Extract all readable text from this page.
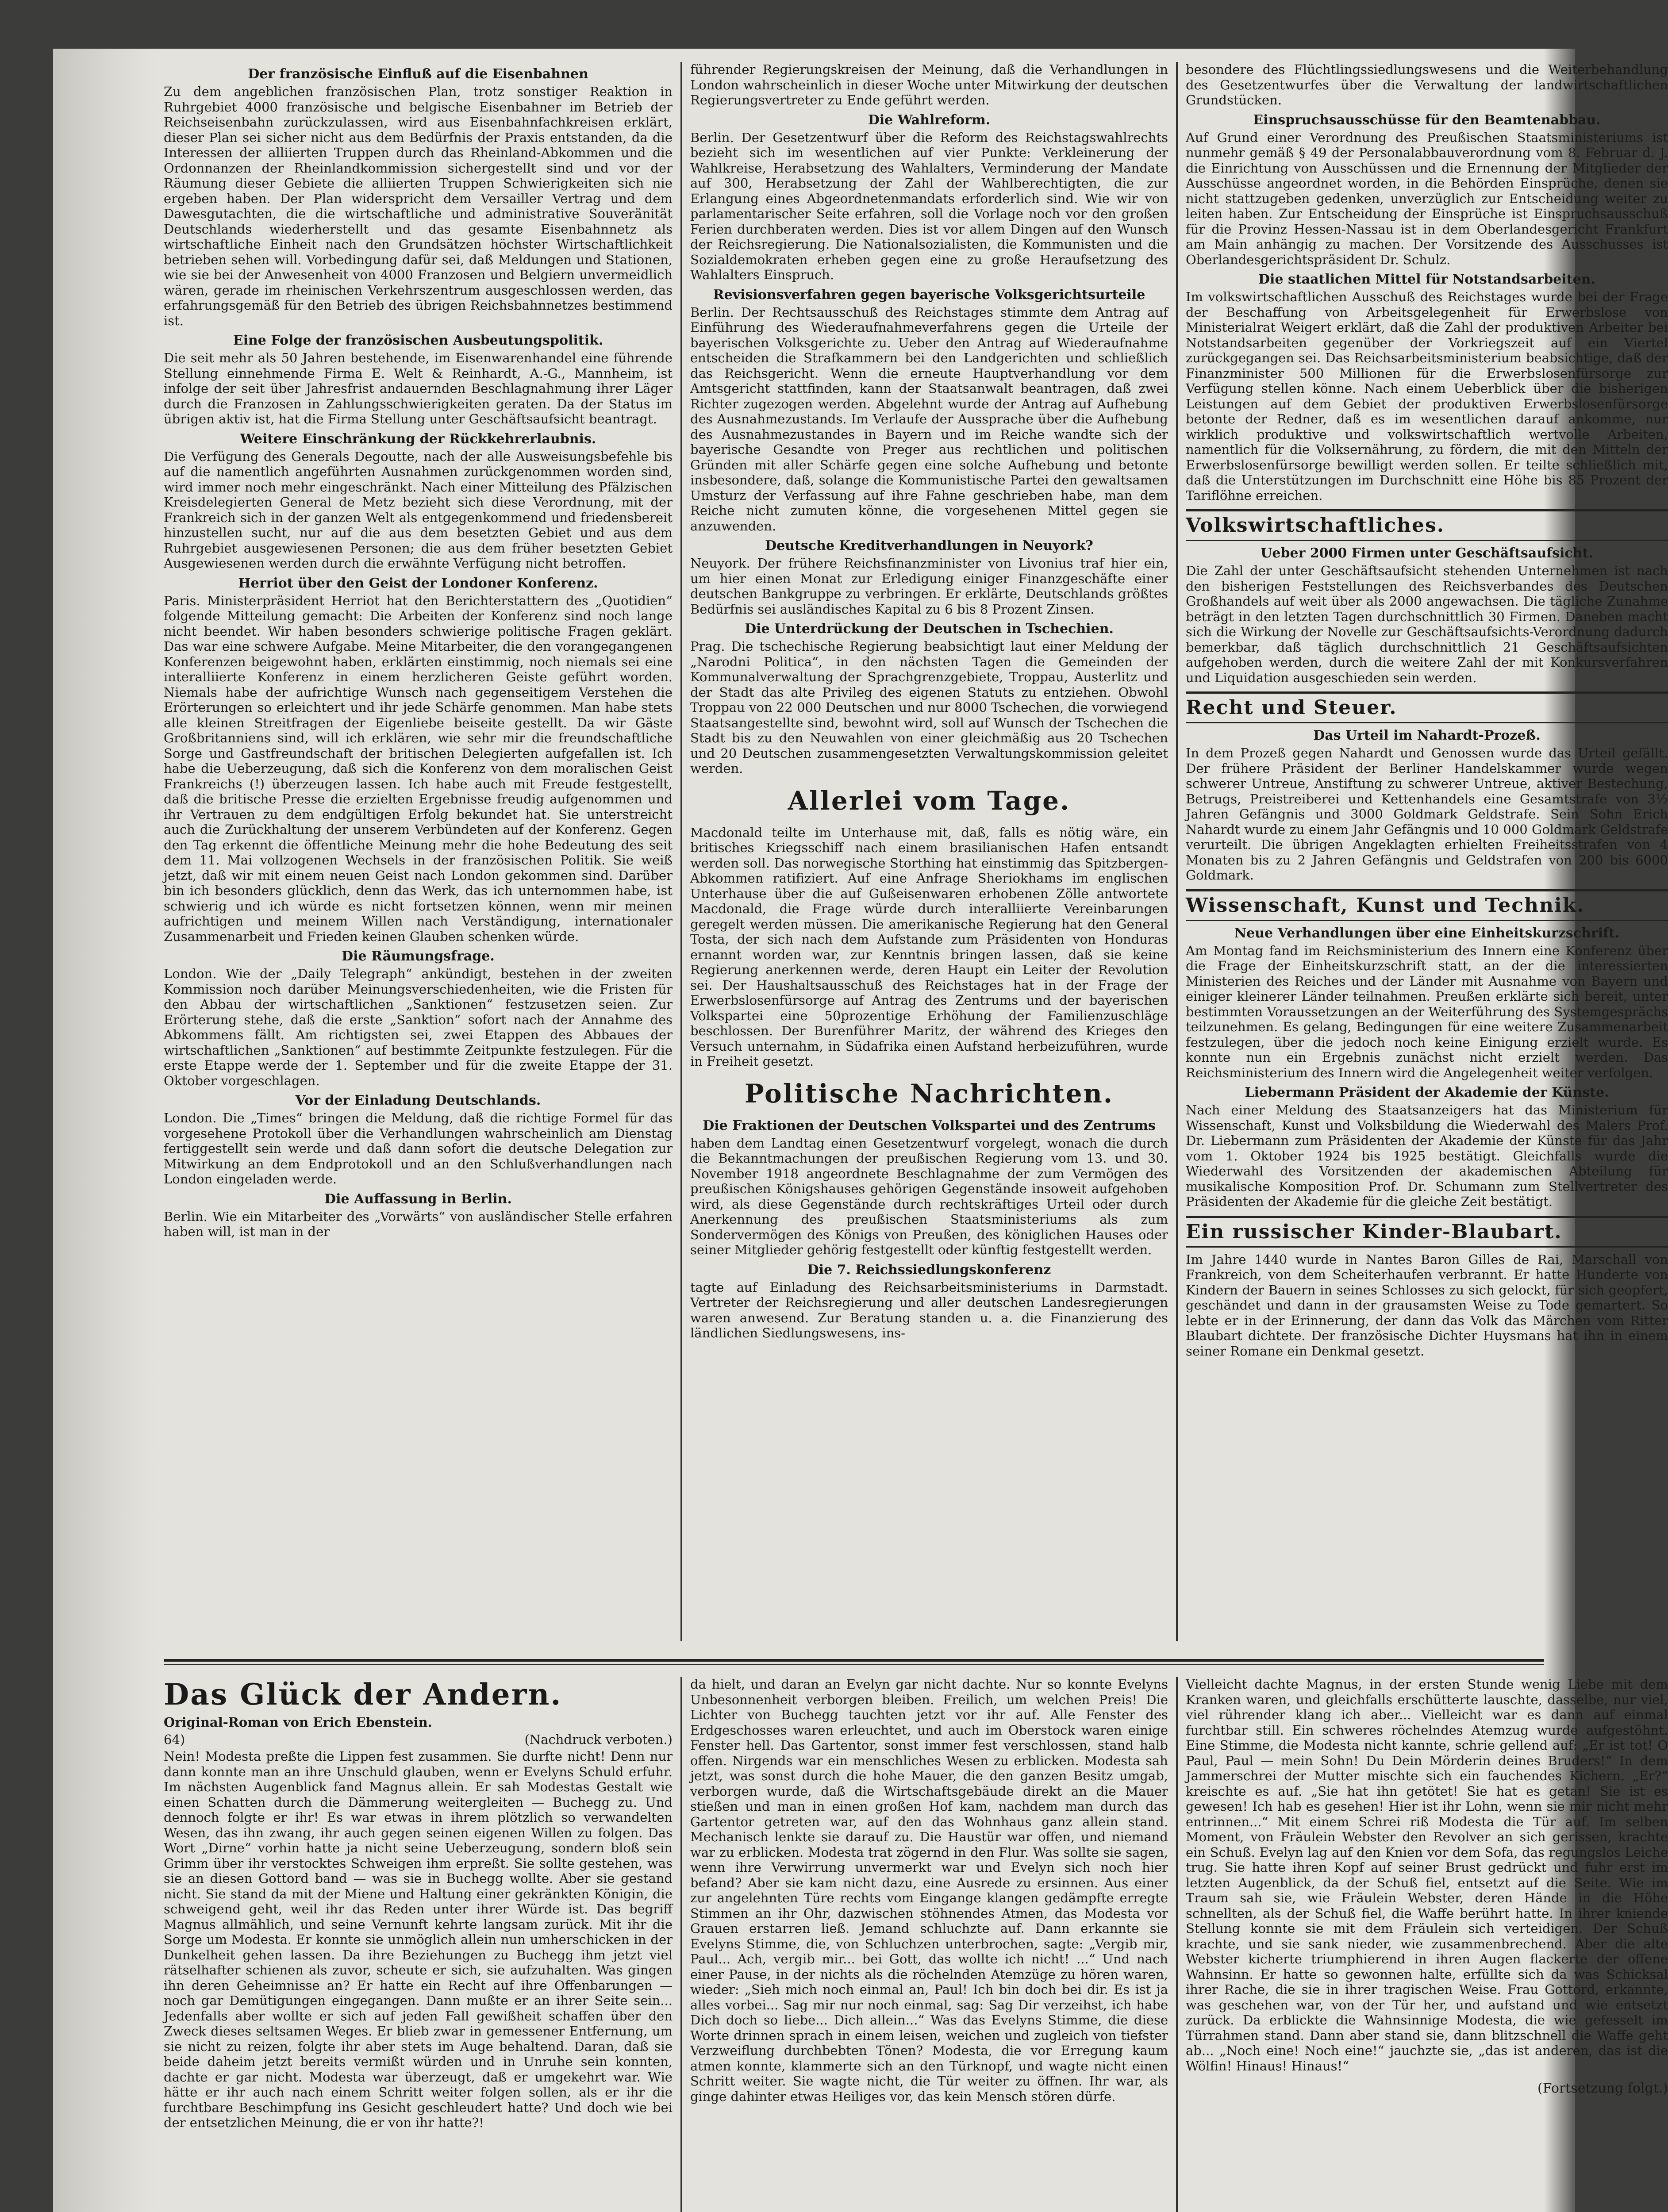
Der französische Einfluß auf die Eisenbahnen

Zu dem angeblichen französischen Plan, trotz sonstiger Reaktion in Ruhrgebiet 4000 französische und belgische Eisenbahner im Betrieb der Reichseisenbahn zurückzulassen, wird aus Eisenbahnfachkreisen erklärt, dieser Plan sei sicher nicht aus dem Bedürfnis der Praxis entstanden, da die Interessen der alliierten Truppen durch das Rheinland-Abkommen und die Ordonnanzen der Rheinlandkommission sichergestellt sind und vor der Räumung dieser Gebiete die alliierten Truppen Schwierigkeiten sich nie ergeben haben. Der Plan widerspricht dem Versailler Vertrag und dem Dawesgutachten, die die wirtschaftliche und administrative Souveränität Deutschlands wiederherstellt und das gesamte Eisenbahnnetz als wirtschaftliche Einheit nach den Grundsätzen höchster Wirtschaftlichkeit betrieben sehen will. Vorbedingung dafür sei, daß Meldungen und Stationen, wie sie bei der Anwesenheit von 4000 Franzosen und Belgiern unvermeidlich wären, gerade im rheinischen Verkehrszentrum ausgeschlossen werden, das erfahrungsgemäß für den Betrieb des übrigen Reichsbahnnetzes bestimmend ist.

Eine Folge der französischen Ausbeutungspolitik.

Die seit mehr als 50 Jahren bestehende, im Eisenwarenhandel eine führende Stellung einnehmende Firma E. Welt & Reinhardt, A.-G., Mannheim, ist infolge der seit über Jahresfrist andauernden Beschlagnahmung ihrer Läger durch die Franzosen in Zahlungsschwierigkeiten geraten. Da der Status im übrigen aktiv ist, hat die Firma Stellung unter Geschäftsaufsicht beantragt.

Weitere Einschränkung der Rückkehrerlaubnis.

Die Verfügung des Generals Degoutte, nach der alle Ausweisungsbefehle bis auf die namentlich angeführten Ausnahmen zurückgenommen worden sind, wird immer noch mehr eingeschränkt. Nach einer Mitteilung des Pfälzischen Kreisdelegierten General de Metz bezieht sich diese Verordnung, mit der Frankreich sich in der ganzen Welt als entgegenkommend und friedensbereit hinzustellen sucht, nur auf die aus dem besetzten Gebiet und aus dem Ruhrgebiet ausgewiesenen Personen; die aus dem früher besetzten Gebiet Ausgewiesenen werden durch die erwähnte Verfügung nicht betroffen.

Herriot über den Geist der Londoner Konferenz.

Paris. Ministerpräsident Herriot hat den Berichterstattern des „Quotidien“ folgende Mitteilung gemacht: Die Arbeiten der Konferenz sind noch lange nicht beendet. Wir haben besonders schwierige politische Fragen geklärt. Das war eine schwere Aufgabe. Meine Mitarbeiter, die den vorangegangenen Konferenzen beigewohnt haben, erklärten einstimmig, noch niemals sei eine interalliierte Konferenz in einem herzlicheren Geiste geführt worden. Niemals habe der aufrichtige Wunsch nach gegenseitigem Verstehen die Erörterungen so erleichtert und ihr jede Schärfe genommen. Man habe stets alle kleinen Streitfragen der Eigenliebe beiseite gestellt. Da wir Gäste Großbritanniens sind, will ich erklären, wie sehr mir die freundschaftliche Sorge und Gastfreundschaft der britischen Delegierten aufgefallen ist. Ich habe die Ueberzeugung, daß sich die Konferenz von dem moralischen Geist Frankreichs (!) überzeugen lassen. Ich habe auch mit Freude festgestellt, daß die britische Presse die erzielten Ergebnisse freudig aufgenommen und ihr Vertrauen zu dem endgültigen Erfolg bekundet hat. Sie unterstreicht auch die Zurückhaltung der unserem Verbündeten auf der Konferenz. Gegen den Tag erkennt die öffentliche Meinung mehr die hohe Bedeutung des seit dem 11. Mai vollzogenen Wechsels in der französischen Politik. Sie weiß jetzt, daß wir mit einem neuen Geist nach London gekommen sind. Darüber bin ich besonders glücklich, denn das Werk, das ich unternommen habe, ist schwierig und ich würde es nicht fortsetzen können, wenn mir meinen aufrichtigen und meinem Willen nach Verständigung, internationaler Zusammenarbeit und Frieden keinen Glauben schenken würde.

Die Räumungsfrage.

London. Wie der „Daily Telegraph“ ankündigt, bestehen in der zweiten Kommission noch darüber Meinungsverschiedenheiten, wie die Fristen für den Abbau der wirtschaftlichen „Sanktionen“ festzusetzen seien. Zur Erörterung stehe, daß die erste „Sanktion“ sofort nach der Annahme des Abkommens fällt. Am richtigsten sei, zwei Etappen des Abbaues der wirtschaftlichen „Sanktionen“ auf bestimmte Zeitpunkte festzulegen. Für die erste Etappe werde der 1. September und für die zweite Etappe der 31. Oktober vorgeschlagen.

Vor der Einladung Deutschlands.

London. Die „Times“ bringen die Meldung, daß die richtige Formel für das vorgesehene Protokoll über die Verhandlungen wahrscheinlich am Dienstag fertiggestellt sein werde und daß dann sofort die deutsche Delegation zur Mitwirkung an dem Endprotokoll und an den Schlußverhandlungen nach London eingeladen werde.

Die Auffassung in Berlin.

Berlin. Wie ein Mitarbeiter des „Vorwärts“ von ausländischer Stelle erfahren haben will, ist man in der

führender Regierungskreisen der Meinung, daß die Verhandlungen in London wahrscheinlich in dieser Woche unter Mitwirkung der deutschen Regierungsvertreter zu Ende geführt werden.

Die Wahlreform.

Berlin. Der Gesetzentwurf über die Reform des Reichstagswahlrechts bezieht sich im wesentlichen auf vier Punkte: Verkleinerung der Wahlkreise, Herabsetzung des Wahlalters, Verminderung der Mandate auf 300, Herabsetzung der Zahl der Wahlberechtigten, die zur Erlangung eines Abgeordnetenmandats erforderlich sind. Wie wir von parlamentarischer Seite erfahren, soll die Vorlage noch vor den großen Ferien durchberaten werden. Dies ist vor allem Dingen auf den Wunsch der Reichsregierung. Die Nationalsozialisten, die Kommunisten und die Sozialdemokraten erheben gegen eine zu große Heraufsetzung des Wahlalters Einspruch.

Revisionsverfahren gegen bayerische Volksgerichtsurteile

Berlin. Der Rechtsausschuß des Reichstages stimmte dem Antrag auf Einführung des Wiederaufnahmeverfahrens gegen die Urteile der bayerischen Volksgerichte zu. Ueber den Antrag auf Wiederaufnahme entscheiden die Strafkammern bei den Landgerichten und schließlich das Reichsgericht. Wenn die erneute Hauptverhandlung vor dem Amtsgericht stattfinden, kann der Staatsanwalt beantragen, daß zwei Richter zugezogen werden. Abgelehnt wurde der Antrag auf Aufhebung des Ausnahmezustands. Im Verlaufe der Aussprache über die Aufhebung des Ausnahmezustandes in Bayern und im Reiche wandte sich der bayerische Gesandte von Preger aus rechtlichen und politischen Gründen mit aller Schärfe gegen eine solche Aufhebung und betonte insbesondere, daß, solange die Kommunistische Partei den gewaltsamen Umsturz der Verfassung auf ihre Fahne geschrieben habe, man dem Reiche nicht zumuten könne, die vorgesehenen Mittel gegen sie anzuwenden.

Deutsche Kreditverhandlungen in Neuyork?

Neuyork. Der frühere Reichsfinanzminister von Livonius traf hier ein, um hier einen Monat zur Erledigung einiger Finanzgeschäfte einer deutschen Bankgruppe zu verbringen. Er erklärte, Deutschlands größtes Bedürfnis sei ausländisches Kapital zu 6 bis 8 Prozent Zinsen.

Die Unterdrückung der Deutschen in Tschechien.

Prag. Die tschechische Regierung beabsichtigt laut einer Meldung der „Narodni Politica“, in den nächsten Tagen die Gemeinden der Kommunalverwaltung der Sprachgrenzgebiete, Troppau, Austerlitz und der Stadt das alte Privileg des eigenen Statuts zu entziehen. Obwohl Troppau von 22 000 Deutschen und nur 8000 Tschechen, die vorwiegend Staatsangestellte sind, bewohnt wird, soll auf Wunsch der Tschechen die Stadt bis zu den Neuwahlen von einer gleichmäßig aus 20 Tschechen und 20 Deutschen zusammengesetzten Verwaltungskommission geleitet werden.

Allerlei vom Tage.

Macdonald teilte im Unterhause mit, daß, falls es nötig wäre, ein britisches Kriegsschiff nach einem brasilianischen Hafen entsandt werden soll. Das norwegische Storthing hat einstimmig das Spitzbergen-Abkommen ratifiziert. Auf eine Anfrage Sheriokhams im englischen Unterhause über die auf Gußeisenwaren erhobenen Zölle antwortete Macdonald, die Frage würde durch interalliierte Vereinbarungen geregelt werden müssen. Die amerikanische Regierung hat den General Tosta, der sich nach dem Aufstande zum Präsidenten von Honduras ernannt worden war, zur Kenntnis bringen lassen, daß sie keine Regierung anerkennen werde, deren Haupt ein Leiter der Revolution sei. Der Haushaltsausschuß des Reichstages hat in der Frage der Erwerbslosenfürsorge auf Antrag des Zentrums und der bayerischen Volkspartei eine 50prozentige Erhöhung der Familienzuschläge beschlossen. Der Burenführer Maritz, der während des Krieges den Versuch unternahm, in Südafrika einen Aufstand herbeizuführen, wurde in Freiheit gesetzt.

Politische Nachrichten.
Die Fraktionen der Deutschen Volkspartei und des Zentrums

haben dem Landtag einen Gesetzentwurf vorgelegt, wonach die durch die Bekanntmachungen der preußischen Regierung vom 13. und 30. November 1918 angeordnete Beschlagnahme der zum Vermögen des preußischen Königshauses gehörigen Gegenstände insoweit aufgehoben wird, als diese Gegenstände durch rechtskräftiges Urteil oder durch Anerkennung des preußischen Staatsministeriums als zum Sondervermögen des Königs von Preußen, des königlichen Hauses oder seiner Mitglieder gehörig festgestellt oder künftig festgestellt werden.

Die 7. Reichssiedlungskonferenz

tagte auf Einladung des Reichsarbeitsministeriums in Darmstadt. Vertreter der Reichsregierung und aller deutschen Landesregierungen waren anwesend. Zur Beratung standen u. a. die Finanzierung des ländlichen Siedlungswesens, ins-

besondere des Flüchtlingssiedlungswesens und die Weiterbehandlung des Gesetzentwurfes über die Verwaltung der landwirtschaftlichen Grundstücken.

Einspruchsausschüsse für den Beamtenabbau.

Auf Grund einer Verordnung des Preußischen Staatsministeriums ist nunmehr gemäß § 49 der Personalabbauverordnung vom 8. Februar d. J. die Einrichtung von Ausschüssen und die Ernennung der Mitglieder der Ausschüsse angeordnet worden, in die Behörden Einsprüche, denen sie nicht stattzugeben gedenken, unverzüglich zur Entscheidung weiter zu leiten haben. Zur Entscheidung der Einsprüche ist Einspruchsausschuß für die Provinz Hessen-Nassau ist in dem Oberlandesgericht Frankfurt am Main anhängig zu machen. Der Vorsitzende des Ausschusses ist Oberlandesgerichtspräsident Dr. Schulz.

Die staatlichen Mittel für Notstandsarbeiten.

Im volkswirtschaftlichen Ausschuß des Reichstages wurde bei der Frage der Beschaffung von Arbeitsgelegenheit für Erwerbslose von Ministerialrat Weigert erklärt, daß die Zahl der produktiven Arbeiter bei Notstandsarbeiten gegenüber der Vorkriegszeit auf ein Viertel zurückgegangen sei. Das Reichsarbeitsministerium beabsichtige, daß der Finanzminister 500 Millionen für die Erwerbslosenfürsorge zur Verfügung stellen könne. Nach einem Ueberblick über die bisherigen Leistungen auf dem Gebiet der produktiven Erwerbslosenfürsorge betonte der Redner, daß es im wesentlichen darauf ankomme, nur wirklich produktive und volkswirtschaftlich wertvolle Arbeiten, namentlich für die Volksernährung, zu fördern, die mit den Mitteln der Erwerbslosenfürsorge bewilligt werden sollen. Er teilte schließlich mit, daß die Unterstützungen im Durchschnitt eine Höhe bis 85 Prozent der Tariflöhne erreichen.

Volkswirtschaftliches.
Ueber 2000 Firmen unter Geschäftsaufsicht.

Die Zahl der unter Geschäftsaufsicht stehenden Unternehmen ist nach den bisherigen Feststellungen des Reichsverbandes des Deutschen Großhandels auf weit über als 2000 angewachsen. Die tägliche Zunahme beträgt in den letzten Tagen durchschnittlich 30 Firmen. Daneben macht sich die Wirkung der Novelle zur Geschäftsaufsichts-Verordnung dadurch bemerkbar, daß täglich durchschnittlich 21 Geschäftsaufsichten aufgehoben werden, durch die weitere Zahl der mit Konkursverfahren und Liquidation ausgeschieden sein werden.

Recht und Steuer.
Das Urteil im Nahardt-Prozeß.

In dem Prozeß gegen Nahardt und Genossen wurde das Urteil gefällt. Der frühere Präsident der Berliner Handelskammer wurde wegen schwerer Untreue, Anstiftung zu schwerer Untreue, aktiver Bestechung, Betrugs, Preistreiberei und Kettenhandels eine Gesamtstrafe von 3½ Jahren Gefängnis und 3000 Goldmark Geldstrafe. Sein Sohn Erich Nahardt wurde zu einem Jahr Gefängnis und 10 000 Goldmark Geldstrafe verurteilt. Die übrigen Angeklagten erhielten Freiheitsstrafen von 4 Monaten bis zu 2 Jahren Gefängnis und Geldstrafen von 200 bis 6000 Goldmark.

Wissenschaft, Kunst und Technik.
Neue Verhandlungen über eine Einheitskurzschrift.

Am Montag fand im Reichsministerium des Innern eine Konferenz über die Frage der Einheitskurzschrift statt, an der die interessierten Ministerien des Reiches und der Länder mit Ausnahme von Bayern und einiger kleinerer Länder teilnahmen. Preußen erklärte sich bereit, unter bestimmten Voraussetzungen an der Weiterführung des Systemgesprächs teilzunehmen. Es gelang, Bedingungen für eine weitere Zusammenarbeit festzulegen, über die jedoch noch keine Einigung erzielt wurde. Es konnte nun ein Ergebnis zunächst nicht erzielt werden. Das Reichsministerium des Innern wird die Angelegenheit weiter verfolgen.

Liebermann Präsident der Akademie der Künste.

Nach einer Meldung des Staatsanzeigers hat das Ministerium für Wissenschaft, Kunst und Volksbildung die Wiederwahl des Malers Prof. Dr. Liebermann zum Präsidenten der Akademie der Künste für das Jahr vom 1. Oktober 1924 bis 1925 bestätigt. Gleichfalls wurde die Wiederwahl des Vorsitzenden der akademischen Abteilung für musikalische Komposition Prof. Dr. Schumann zum Stellvertreter des Präsidenten der Akademie für die gleiche Zeit bestätigt.

Ein russischer Kinder-Blaubart.

Im Jahre 1440 wurde in Nantes Baron Gilles de Rai, Marschall von Frankreich, von dem Scheiterhaufen verbrannt. Er hatte Hunderte von Kindern der Bauern in seines Schlosses zu sich gelockt, für sich geopfert, geschändet und dann in der grausamsten Weise zu Tode gemartert. So lebte er in der Erinnerung, der dann das Volk das Märchen vom Ritter Blaubart dichtete. Der französische Dichter Huysmans hat ihn in einem seiner Romane ein Denkmal gesetzt.

Das Glück der Andern.

Original-Roman von Erich Ebenstein.

64)	(Nachdruck verboten.)

Nein! Modesta preßte die Lippen fest zusammen. Sie durfte nicht! Denn nur dann konnte man an ihre Unschuld glauben, wenn er Evelyns Schuld erfuhr. Im nächsten Augenblick fand Magnus allein. Er sah Modestas Gestalt wie einen Schatten durch die Dämmerung weitergleiten — Buchegg zu. Und dennoch folgte er ihr! Es war etwas in ihrem plötzlich so verwandelten Wesen, das ihn zwang, ihr auch gegen seinen eigenen Willen zu folgen. Das Wort „Dirne“ vorhin hatte ja nicht seine Ueberzeugung, sondern bloß sein Grimm über ihr verstocktes Schweigen ihm erpreßt. Sie sollte gestehen, was sie an diesen Gottord band — was sie in Buchegg wollte. Aber sie gestand nicht. Sie stand da mit der Miene und Haltung einer gekränkten Königin, die schweigend geht, weil ihr das Reden unter ihrer Würde ist. Das begriff Magnus allmählich, und seine Vernunft kehrte langsam zurück. Mit ihr die Sorge um Modesta. Er konnte sie unmöglich allein nun umherschicken in der Dunkelheit gehen lassen. Da ihre Beziehungen zu Buchegg ihm jetzt viel rätselhafter schienen als zuvor, scheute er sich, sie aufzuhalten. Was gingen ihn deren Geheimnisse an? Er hatte ein Recht auf ihre Offenbarungen — noch gar Demütigungen eingegangen. Dann mußte er an ihrer Seite sein... Jedenfalls aber wollte er sich auf jeden Fall gewißheit schaffen über den Zweck dieses seltsamen Weges. Er blieb zwar in gemessener Entfernung, um sie nicht zu reizen, folgte ihr aber stets im Auge behaltend. Daran, daß sie beide daheim jetzt bereits vermißt würden und in Unruhe sein konnten, dachte er gar nicht. Modesta war überzeugt, daß er umgekehrt war. Wie hätte er ihr auch nach einem Schritt weiter folgen sollen, als er ihr die furchtbare Beschimpfung ins Gesicht geschleudert hatte? Und doch wie bei der entsetzlichen Meinung, die er von ihr hatte?!

da hielt, und daran an Evelyn gar nicht dachte. Nur so konnte Evelyns Unbesonnenheit verborgen bleiben. Freilich, um welchen Preis! Die Lichter von Buchegg tauchten jetzt vor ihr auf. Alle Fenster des Erdgeschosses waren erleuchtet, und auch im Oberstock waren einige Fenster hell. Das Gartentor, sonst immer fest verschlossen, stand halb offen. Nirgends war ein menschliches Wesen zu erblicken. Modesta sah jetzt, was sonst durch die hohe Mauer, die den ganzen Besitz umgab, verborgen wurde, daß die Wirtschaftsgebäude direkt an die Mauer stießen und man in einen großen Hof kam, nachdem man durch das Gartentor getreten war, auf den das Wohnhaus ganz allein stand. Mechanisch lenkte sie darauf zu. Die Haustür war offen, und niemand war zu erblicken. Modesta trat zögernd in den Flur. Was sollte sie sagen, wenn ihre Verwirrung unvermerkt war und Evelyn sich noch hier befand? Aber sie kam nicht dazu, eine Ausrede zu ersinnen. Aus einer zur angelehnten Türe rechts vom Eingange klangen gedämpfte erregte Stimmen an ihr Ohr, dazwischen stöhnendes Atmen, das Modesta vor Grauen erstarren ließ. Jemand schluchzte auf. Dann erkannte sie Evelyns Stimme, die, von Schluchzen unterbrochen, sagte: „Vergib mir, Paul... Ach, vergib mir... bei Gott, das wollte ich nicht! ...“ Und nach einer Pause, in der nichts als die röchelnden Atemzüge zu hören waren, wieder: „Sieh mich noch einmal an, Paul! Ich bin doch bei dir. Es ist ja alles vorbei... Sag mir nur noch einmal, sag: Sag Dir verzeihst, ich habe Dich doch so liebe... Dich allein...“ Was das Evelyns Stimme, die diese Worte drinnen sprach in einem leisen, weichen und zugleich von tiefster Verzweiflung durchbebten Tönen? Modesta, die vor Erregung kaum atmen konnte, klammerte sich an den Türknopf, und wagte nicht einen Schritt weiter. Sie wagte nicht, die Tür weiter zu öffnen. Ihr war, als ginge dahinter etwas Heiliges vor, das kein Mensch stören dürfe.

Vielleicht dachte Magnus, in der ersten Stunde wenig Liebe mit dem Kranken waren, und gleichfalls erschütterte lauschte, dasselbe, nur viel, viel rührender klang ich aber... Vielleicht war es dann auf einmal furchtbar still. Ein schweres röchelndes Atemzug wurde aufgestöhnt. Eine Stimme, die Modesta nicht kannte, schrie gellend auf: „Er ist tot! O Paul, Paul — mein Sohn! Du Dein Mörderin deines Bruders!“ In dem Jammerschrei der Mutter mischte sich ein fauchendes Kichern. „Er?“ kreischte es auf. „Sie hat ihn getötet! Sie hat es getan! Sie ist es gewesen! Ich hab es gesehen! Hier ist ihr Lohn, wenn sie mir nicht mehr entrinnen...“ Mit einem Schrei riß Modesta die Tür auf. Im selben Moment, von Fräulein Webster den Revolver an sich gerissen, krachte ein Schuß. Evelyn lag auf den Knien vor dem Sofa, das regungslos Leiche trug. Sie hatte ihren Kopf auf seiner Brust gedrückt und fuhr erst im letzten Augenblick, da der Schuß fiel, entsetzt auf die Seite. Wie im Traum sah sie, wie Fräulein Webster, deren Hände in die Höhe schnellten, als der Schuß fiel, die Waffe berührt hatte. In ihrer kniende Stellung konnte sie mit dem Fräulein sich verteidigen. Der Schuß krachte, und sie sank nieder, wie zusammenbrechend. Aber die alte Webster kicherte triumphierend in ihren Augen flackerte der offene Wahnsinn. Er hatte so gewonnen halte, erfüllte sich da was Schicksal ihrer Rache, die sie in ihrer tragischen Weise. Frau Gottord, erkannte, was geschehen war, von der Tür her, und aufstand und wie entsetzt zurück. Da erblickte die Wahnsinnige Modesta, die wie gefesselt im Türrahmen stand. Dann aber stand sie, dann blitzschnell die Waffe geht ab... „Noch eine! Noch eine!“ jauchzte sie, „das ist anderen, das ist die Wölfin! Hinaus! Hinaus!“

(Fortsetzung folgt.)
